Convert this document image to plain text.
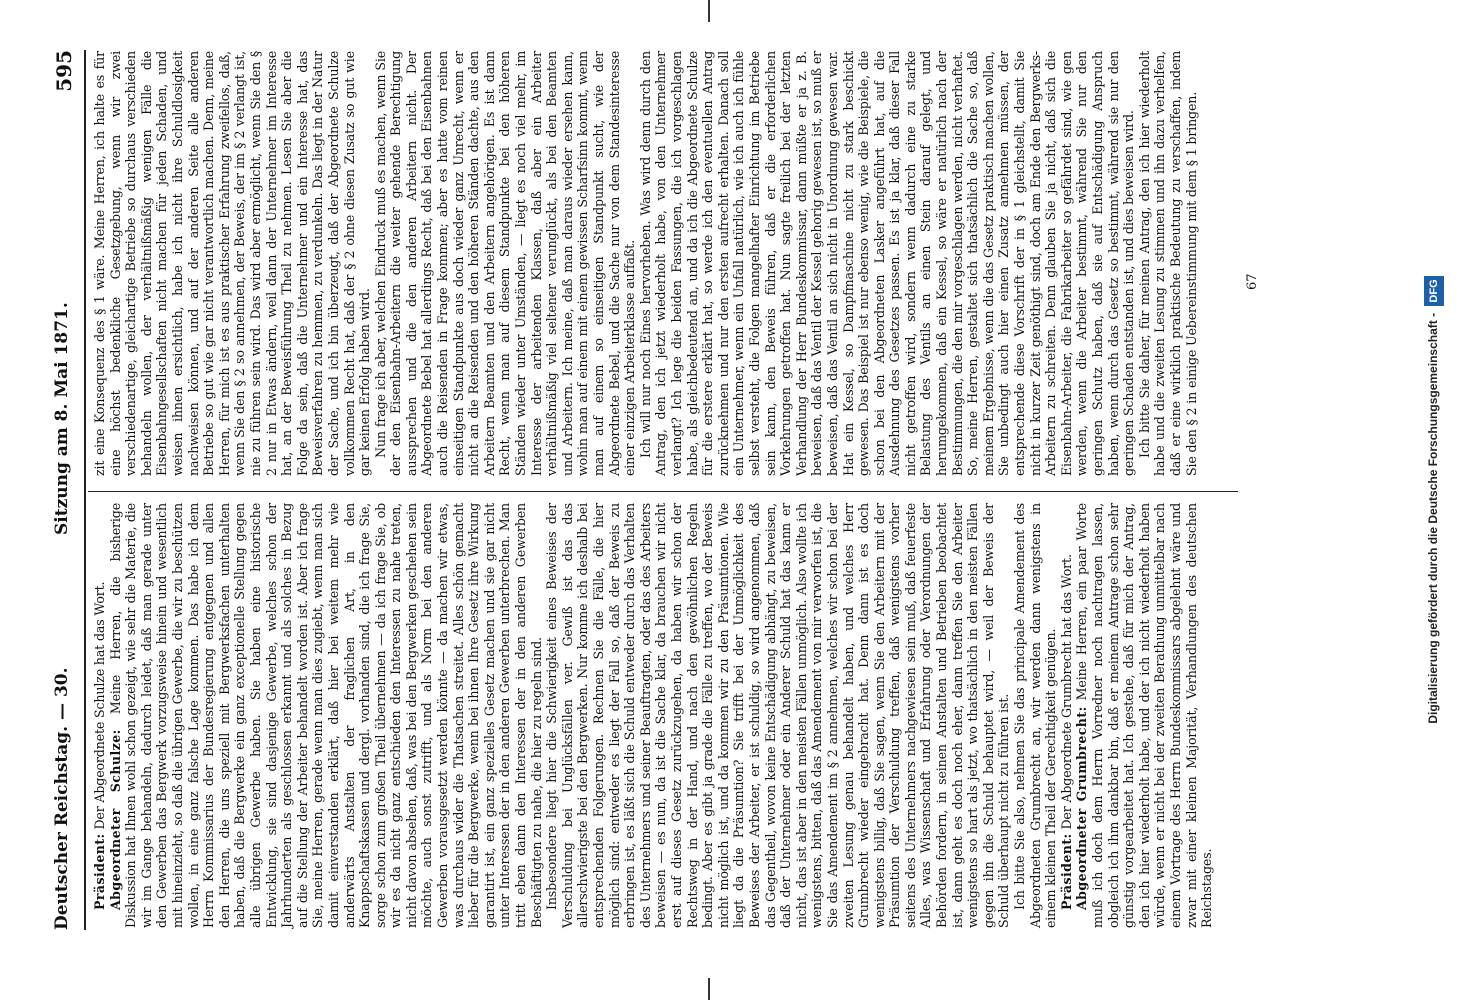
Deutscher Reichstag. — 30.
Sitzung am 8. Mai 1871.
595

Präsident: Der Abgeordnete Schulze hat das Wort. Abgeordneter Schulze: Meine Herren, die bisherige Diskussion hat Ihnen wohl schon gezeigt, wie sehr die Materie, die wir im Gange behandeln, dadurch leidet, daß man gerade unter den Gewerben das Bergwerk vorzugsweise hinein und wesentlich mit hineinzieht, so daß die übrigen Gewerbe, die wir zu beschützen wollen, in eine ganz falsche Lage kommen. Das habe ich dem Herrn Kommissarius der Bundesregierung entgegnen und allen den Herren, die uns speziell mit Bergwerksfachen unterhalten haben, daß die Bergwerke ein ganz exceptionelle Stellung gegen alle übrigen Gewerbe haben. Sie haben eine historische Entwicklung, sie sind dasjenige Gewerbe, welches schon der Jahrhunderten als geschlossen erkannt und als solches in Bezug auf die Stellung der Arbeiter behandelt worden ist. Aber ich frage Sie, meine Herren, gerade wenn man dies zugiebt, wenn man sich damit einverstanden erklärt, daß hier bei weitem mehr wie anderwärts Anstalten der fraglichen Art, in den Knappschaftskassen und dergl. vorhanden sind, die ich frage Sie, sorge schon zum großen Theil übernehmen — da ich frage Sie, ob wir es da nicht ganz entschieden den Interessen zu nahe treten, nicht davon absehen, daß, was bei den Bergwerken geschehen sein möchte, auch sonst zutrifft, und als Norm bei den anderen Gewerben vorausgesetzt werden könnte — da machen wir etwas, was durchaus wider die Thatsachen streitet. Alles schön gemacht lieber für die Bergwerke, wenn bei ihnen Ihre Gesetz ihre Wirkung garantirt ist, ein ganz spezielles Gesetz machen und sie gar nicht unter Interessen der in den anderen Gewerben unterbrechen. Man tritt eben dann den Interessen der in den anderen Gewerben Beschäftigten zu nahe, die hier zu regeln sind. Insbesondere liegt hier die Schwierigkeit eines Beweises der Verschuldung bei Unglücksfällen ver. Gewiß ist das das allerschwierigste bei den Bergwerken. Nur komme ich deshalb bei entsprechenden Folgerungen. Rechnen Sie die Fälle, die hier möglich sind: entweder es liegt der Fall so, daß der Beweis zu erbringen ist, es läßt sich die Schuld entweder durch das Verhalten des Unternehmers und seiner Beauftragten, oder das des Arbeiters beweisen — es nun, da ist die Sache klar, da brauchen wir nicht erst auf dieses Gesetz zurückzugehen, da haben wir schon der Rechtsweg in der Hand, und nach den gewöhnlichen Regeln bedingt. Aber es gibt ja grade die Fälle zu treffen, wo der Beweis nicht möglich ist, und da kommen wir zu den Präsumtionen. Wie liegt da die Präsumtion? Sie trifft bei der Unmöglichkeit des Beweises der Arbeiter, er ist schuldig, so wird angenommen, daß das Gegentheil, wovon keine Entschädigung abhängt, zu beweisen, daß der Unternehmer oder ein Anderer Schuld hat das kann er nicht, das ist aber in den meisten Fällen unmöglich. Also wollte ich wenigstens, bitten, daß das Amendement von mir verworfen ist, die Sie das Amendement im § 2 annehmen, welches wir schon bei der zweiten Lesung genau behandelt haben, und welches Herr Grumbrecht wieder eingebracht hat. Denn dann ist es doch wenigstens billig, daß Sie sagen, wenn Sie den Arbeitern mit der Präsumtion der Verschuldung treffen, daß wenigstens vorher seitens des Unternehmers nachgewiesen sein muß, daß feuerfeste Alles, was Wissenschaft und Erfahrung oder Verordnungen der Behörden fordern, in seinen Anstalten und Betrieben beobachtet ist, dann geht es doch noch eher, dann treffen Sie den Arbeiter wenigstens so hart als jetzt, wo thatsächlich in den meisten Fällen gegen ihn die Schuld behauptet wird, — weil der Beweis der Schuld überhaupt nicht zu führen ist. Ich bitte Sie also, nehmen Sie das principale Amendement des Abgeordneten Grumbrecht an, wir werden dann wenigstens in einem kleinen Theil der Gerechtigkeit genügen. Präsident: Der Abgeordnete Grumbrecht hat das Wort. Abgeordneter Grumbrecht: Meine Herren, ein paar Worte muß ich doch dem Herrn Vorredner noch nachtragen lassen, obgleich ich ihm dankbar bin, daß er meinem Antrage schon sehr günstig vorgearbeitet hat. Ich gestehe, daß für mich der Antrag, den ich hier wiederholt habe, und der ich nicht wiederholt haben würde, wenn er nicht bei der zweiten Berathung unmittelbar nach einem Vortrage des Herrn Bundeskommissars abgelehnt wäre und zwar mit einer kleinen Majorität, Verhandlungen des deutschen Reichstages.

zit eine Konsequenz des § 1 wäre. Meine Herren, ich halte es für eine höchst bedenkliche Gesetzgebung, wenn wir zwei verschiedenartige, gleichartige Betriebe so durchaus verschieden behandeln wollen, der verhältnißmäßig wenigen Fälle die Eisenbahngesellschaften nicht machen für jeden Schaden, und weisen ihnen ersichtlich, habe ich nicht ihre Schuldlosigkeit nachweisen können, und auf der anderen Seite alle anderen Betriebe so gut wie gar nicht verantwortlich machen. Denn, meine Herren, für mich ist es aus praktischer Erfahrung zweifellos, daß, wenn Sie den § 2 so annehmen, der Beweis, der im § 2 verlangt ist, nie zu führen sein wird. Das wird aber ermöglicht, wenn Sie den § 2 nur in Etwas ändern, weil dann der Unternehmer im Interesse hat, an der Beweisführung Theil zu nehmen. Lesen Sie aber die Folge da sein, daß die Unternehmer und ein Interesse hat, das Beweisverfahren zu hemmen, zu verdunkeln. Das liegt in der Natur der Sache, und ich bin überzeugt, daß der Abgeordnete Schulze vollkommen Recht hat, daß der § 2 ohne diesen Zusatz so gut wie gar keinen Erfolg haben wird. Nun frage ich aber, welchen Eindruck muß es machen, wenn Sie der den Eisenbahn-Arbeitern die weiter gehende Berechtigung aussprechen und die den anderen Arbeitern nicht. Der Abgeordnete Bebel hat allerdings Recht, daß bei den Eisenbahnen auch die Reisenden in Frage kommen; aber es hatte vom reinen einseitigen Standpunkte aus doch wieder ganz Unrecht, wenn er nicht an die Reisenden und den höheren Ständen dachte, aus den Arbeitern Beamten und den Arbeitern angehörigen. Es ist dann Recht, wenn man auf diesem Standpunkte bei den höheren Ständen wieder unter Umständen, — liegt es noch viel mehr, im Interesse der arbeitenden Klassen, daß aber ein Arbeiter verhältnißmäßig viel seltener verunglückt, als bei den Beamten und Arbeitern. Ich meine, daß man daraus wieder ersehen kann, wohin man auf einem mit einem gewissen Scharfsinn kommt, wenn man auf einem so einseitigen Standpunkt sucht, wie der Abgeordnete Bebel, und die Sache nur von dem Standesinteresse einer einzigen Arbeiterklasse auffaßt. Ich will nur noch Eines hervorheben. Was wird denn durch den Antrag, den ich jetzt wiederholt habe, von den Unternehmer verlangt? Ich lege die beiden Fassungen, die ich vorgeschlagen habe, als gleichbedeutend an, und da ich die Abgeordnete Schulze für die erstere erklärt hat, so werde ich den eventuellen Antrag zurücknehmen und nur den ersten aufrecht erhalten. Danach soll ein Unternehmer, wenn ein Unfall natürlich, wie ich auch ich fühle selbst versteht, die Folgen mangelhafter Einrichtung im Betriebe sein kann, den Beweis führen, daß er die erforderlichen Vorkehrungen getroffen hat. Nun sagte freilich bei der letzten Verhandlung der Herr Bundeskommissar, dann müßte er ja z. B. beweisen, daß das Ventil der Kessel gehorig gewesen ist, so muß er beweisen, daß das Ventil an sich nicht in Unordnung gewesen war. Hat ein Kessel, so Dampfmaschine nicht zu stark beschickt gewesen. Das Beispiel ist nur ebenso wenig, wie die Beispiele, die schon bei den Abgeordneten Lasker angeführt hat, auf die Ausdehnung des Gesetzes passen. Es ist ja klar, daß dieser Fall nicht getroffen wird, sondern wenn dadurch eine zu starke Belastung des Ventils an einen Stein darauf gelegt, und herumgekommen, daß ein Kessel, so wäre er natürlich nach der Bestimmungen, die den mir vorgeschlagen werden, nicht verhaftet. So, meine Herren, gestaltet sich thatsächlich die Sache so, daß meinem Ergebnisse, wenn die das Gesetz praktisch machen wollen, Sie unbedingt auch hier einen Zusatz annehmen müssen, der entsprechende diese Vorschrift der in § 1 gleichstellt, damit Sie nicht in kurzer Zeit genöthigt sind, doch am Ende den Bergwerks-Arbeitern zu schreiten. Denn glauben Sie ja nicht, daß sich die Eisenbahn-Arbeiter, die Fabrikarbeiter so gefährdet sind, wie gen werden, wenn die Arbeiter bestimmt, während Sie nur den geringen Schutz haben, daß sie auf Entschädigung Anspruch haben, wenn durch das Gesetz so bestimmt, während sie nur den geringen Schaden entstanden ist, und dies beweisen wird. Ich bitte Sie daher, für meinen Antrag, den ich hier wiederholt habe und die zweiten Lesung zu stimmen und ihn dazu verhelfen, daß er eine wirklich praktische Bedeutung zu verschaffen, indem Sie den § 2 in einige Uebereinstimmung mit dem § 1 bringen.	67
Digitalisierung gefördert durch die Deutsche Forschungsgemeinschaft - DFG
